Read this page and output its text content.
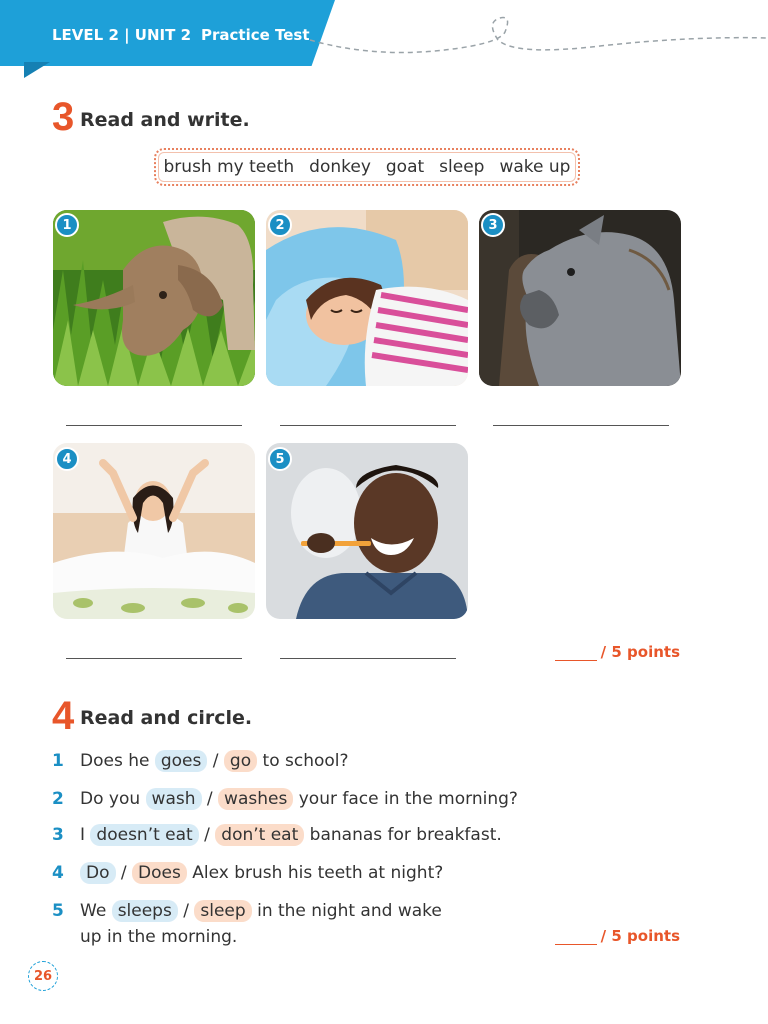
LEVEL 2 | UNIT 2 Practice Test
3 Read and write.
brush my teeth donkey goat sleep wake up
1	2	3
4	5
/ 5 points
4 Read and circle.
1 Does he goes / go to school?
2 Do you wash / washes your face in the morning?
3 I doesn’t eat / don’t eat bananas for breakfast.
4 Do / Does Alex brush his teeth at night?
5 We sleeps / sleep in the night and wake
up in the morning.	/ 5 points
26
